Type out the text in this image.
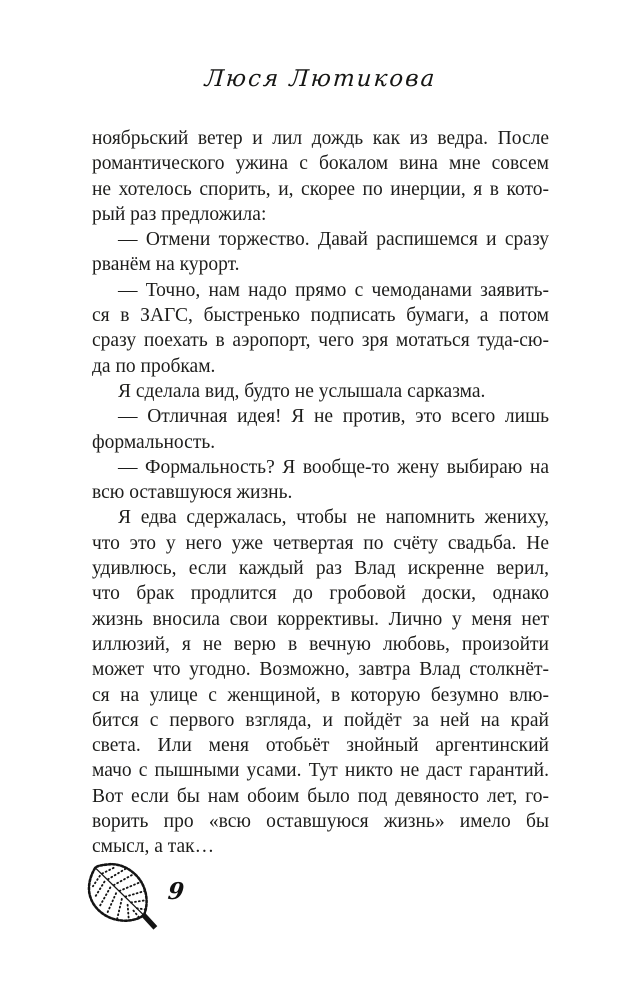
Люся Лютикова
ноябрьский ветер и лил дождь как из ведра. После
романтического ужина с бокалом вина мне совсем
не хотелось спорить, и, скорее по инерции, я в кото-
рый раз предложила:
— Отмени торжество. Давай распишемся и сразу
рванём на курорт.
— Точно, нам надо прямо с чемоданами заявить-
ся в ЗАГС, быстренько подписать бумаги, а потом
сразу поехать в аэропорт, чего зря мотаться туда-сю-
да по пробкам.
Я сделала вид, будто не услышала сарказма.
— Отличная идея! Я не против, это всего лишь
формальность.
— Формальность? Я вообще-то жену выбираю на
всю оставшуюся жизнь.
Я едва сдержалась, чтобы не напомнить жениху,
что это у него уже четвертая по счёту свадьба. Не
удивлюсь, если каждый раз Влад искренне верил,
что брак продлится до гробовой доски, однако
жизнь вносила свои коррективы. Лично у меня нет
иллюзий, я не верю в вечную любовь, произойти
может что угодно. Возможно, завтра Влад столкнёт-
ся на улице с женщиной, в которую безумно влю-
бится с первого взгляда, и пойдёт за ней на край
света. Или меня отобьёт знойный аргентинский
мачо с пышными усами. Тут никто не даст гарантий.
Вот если бы нам обоим было под девяносто лет, го-
ворить про «всю оставшуюся жизнь» имело бы
смысл, а так…
9
